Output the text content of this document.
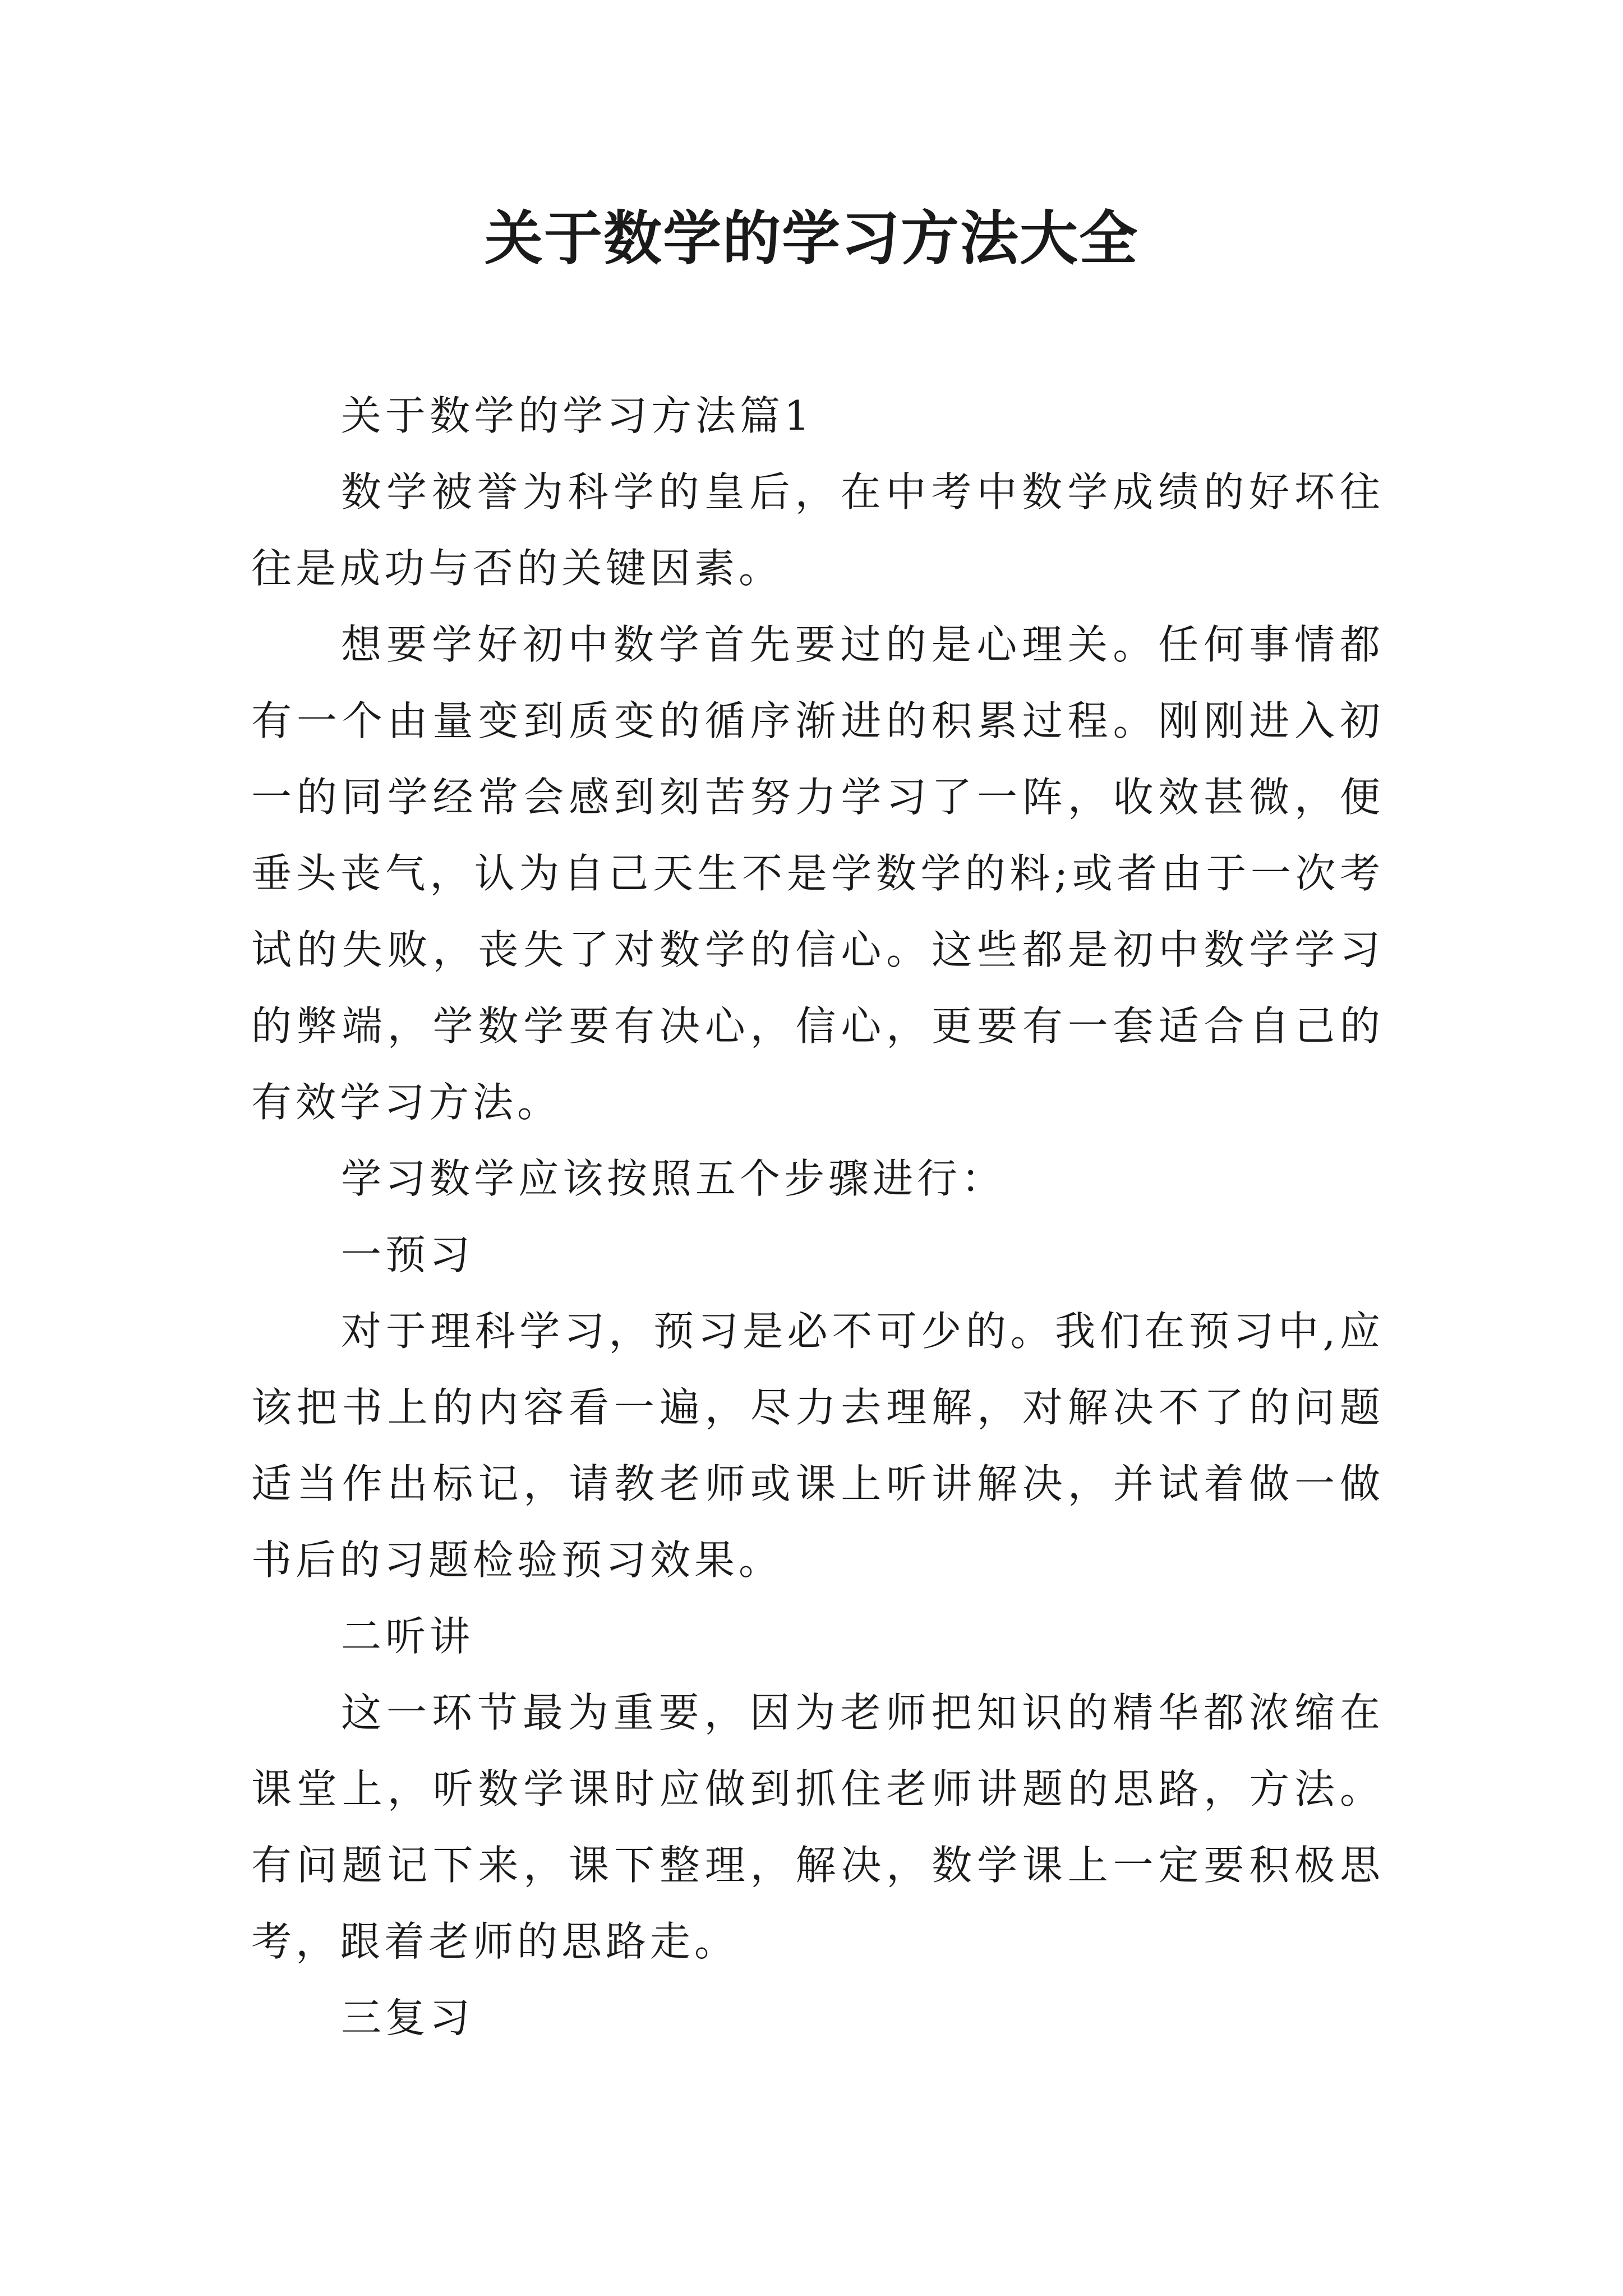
关于数学的学习方法大全

关于数学的学习方法篇1

数学被誉为科学的皇后，在中考中数学成绩的好坏往往是成功与否的关键因素。

想要学好初中数学首先要过的是心理关。任何事情都有一个由量变到质变的循序渐进的积累过程。刚刚进入初一的同学经常会感到刻苦努力学习了一阵，收效甚微，便垂头丧气，认为自己天生不是学数学的料;或者由于一次考试的失败，丧失了对数学的信心。这些都是初中数学学习的弊端，学数学要有决心，信心，更要有一套适合自己的有效学习方法。

学习数学应该按照五个步骤进行：

一预习

对于理科学习，预习是必不可少的。我们在预习中,应该把书上的内容看一遍，尽力去理解，对解决不了的问题适当作出标记，请教老师或课上听讲解决，并试着做一做书后的习题检验预习效果。

二听讲

这一环节最为重要，因为老师把知识的精华都浓缩在课堂上，听数学课时应做到抓住老师讲题的思路，方法。有问题记下来，课下整理，解决，数学课上一定要积极思考，跟着老师的思路走。

三复习
